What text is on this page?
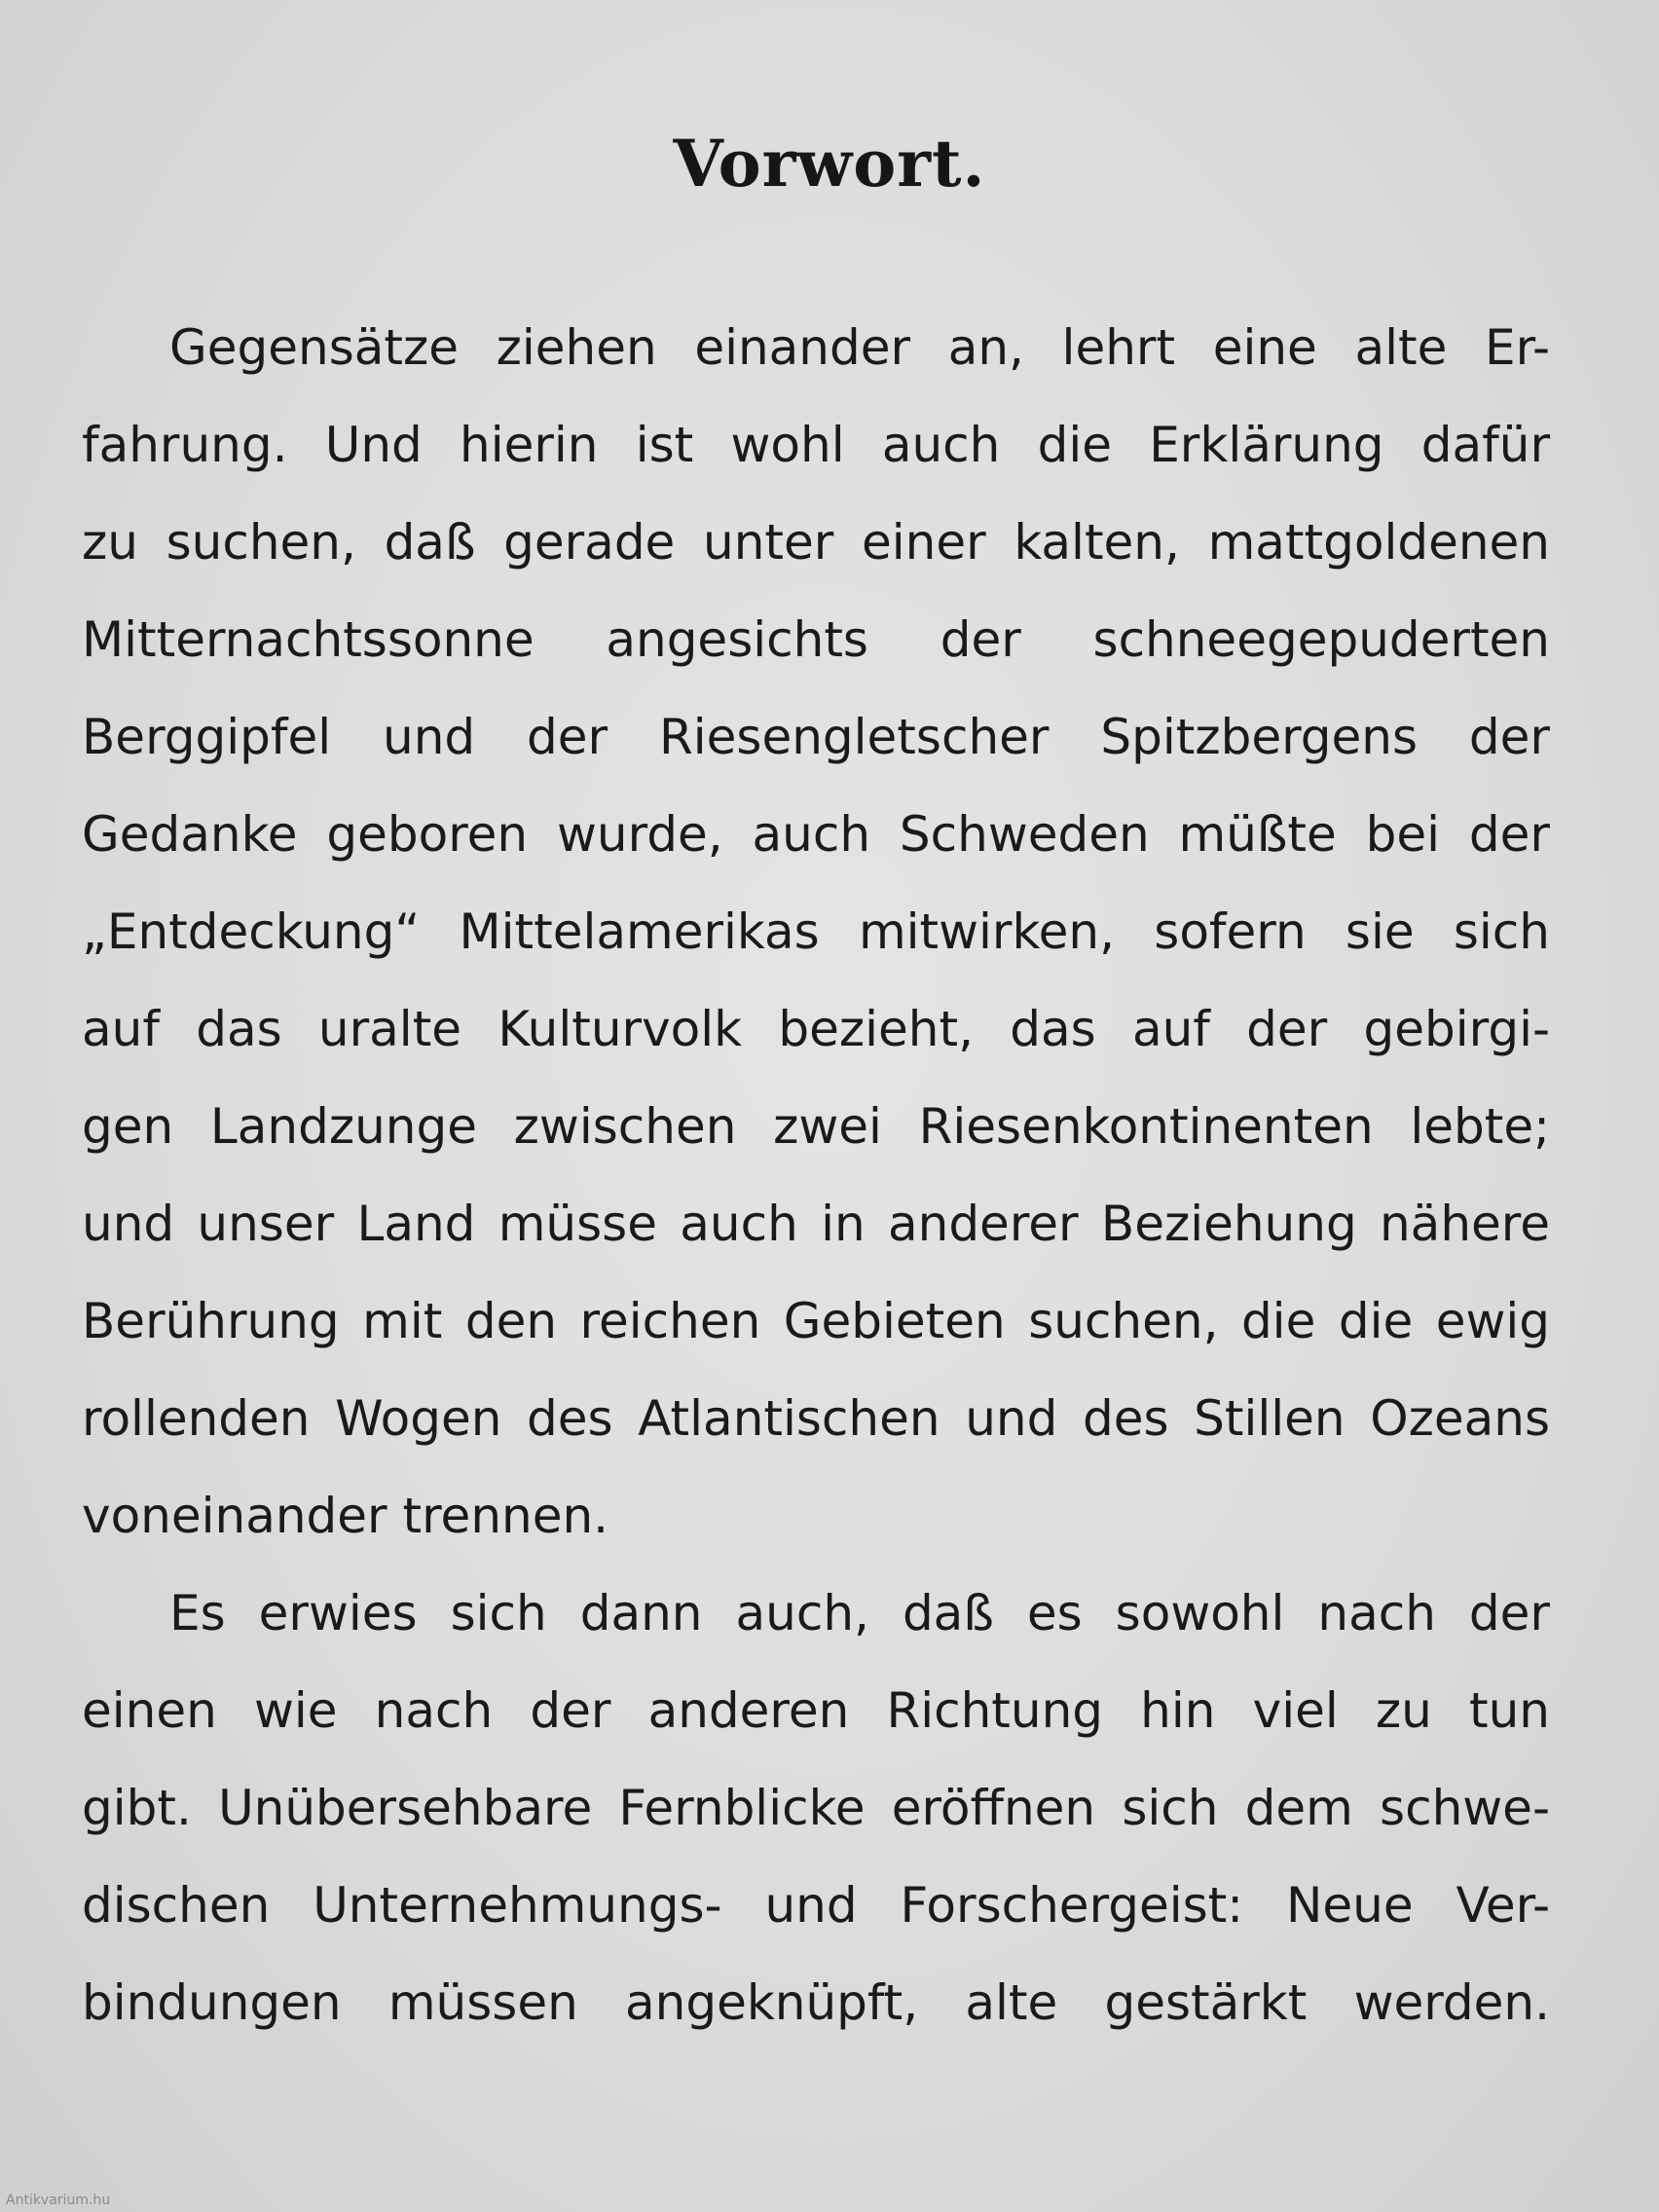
Vorwort.
Gegensätze ziehen einander an, lehrt eine alte Er-
fahrung. Und hierin ist wohl auch die Erklärung dafür
zu suchen, daß gerade unter einer kalten, mattgoldenen
Mitternachtssonne angesichts der schneegepuderten
Berggipfel und der Riesengletscher Spitzbergens der
Gedanke geboren wurde, auch Schweden müßte bei der
„Entdeckung“ Mittelamerikas mitwirken, sofern sie sich
auf das uralte Kulturvolk bezieht, das auf der gebirgi-
gen Landzunge zwischen zwei Riesenkontinenten lebte;
und unser Land müsse auch in anderer Beziehung nähere
Berührung mit den reichen Gebieten suchen, die die ewig
rollenden Wogen des Atlantischen und des Stillen Ozeans
voneinander trennen.
Es erwies sich dann auch, daß es sowohl nach der
einen wie nach der anderen Richtung hin viel zu tun
gibt. Unübersehbare Fernblicke eröffnen sich dem schwe-
dischen Unternehmungs- und Forschergeist: Neue Ver-
bindungen müssen angeknüpft, alte gestärkt werden.
Antikvarium.hu
